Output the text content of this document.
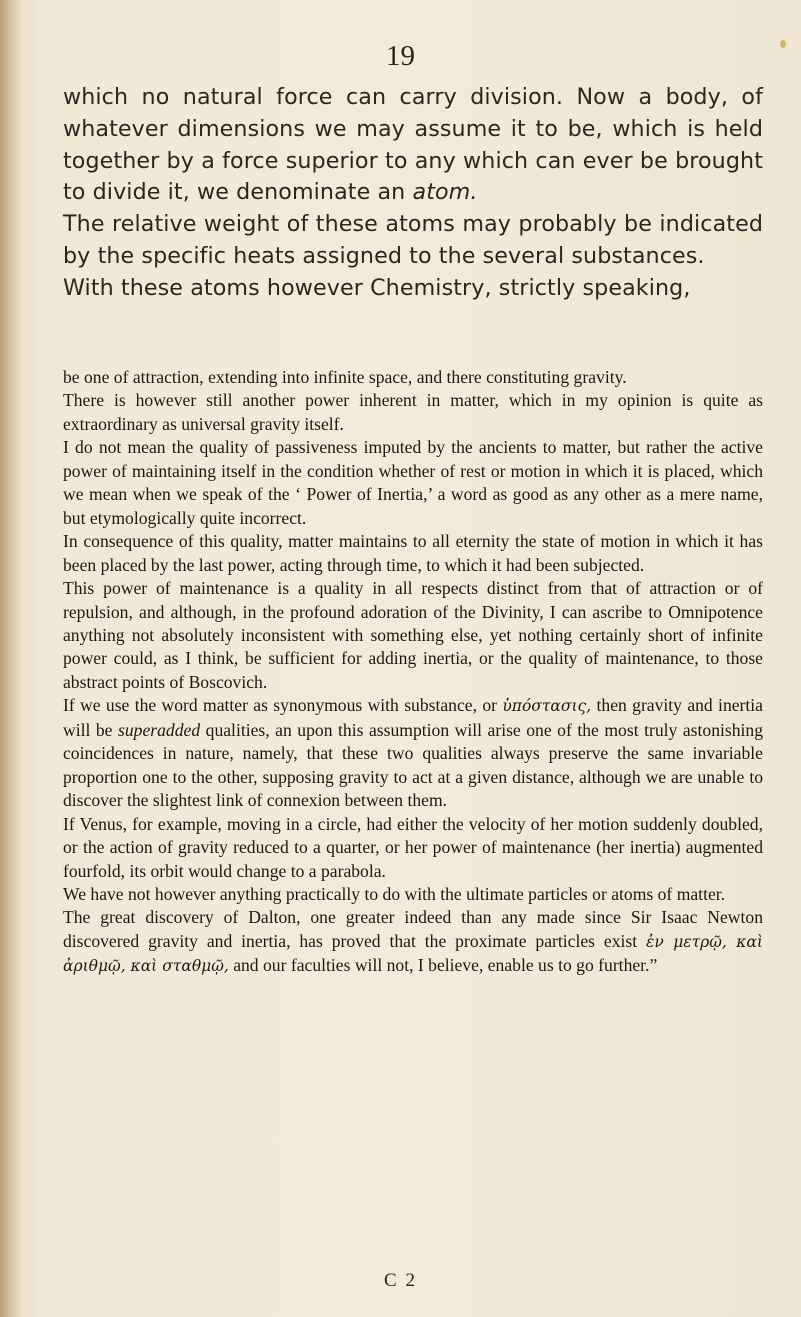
19

which no natural force can carry division. Now a body, of whatever dimensions we may assume it to be, which is held together by a force superior to any which can ever be brought to divide it, we denominate an atom.

The relative weight of these atoms may probably be indicated by the specific heats assigned to the several substances.

With these atoms however Chemistry, strictly speaking,

be one of attraction, extending into infinite space, and there constituting gravity.

There is however still another power inherent in matter, which in my opinion is quite as extraordinary as universal gravity itself.

I do not mean the quality of passiveness imputed by the ancients to matter, but rather the active power of maintaining itself in the condition whether of rest or motion in which it is placed, which we mean when we speak of the ‘ Power of Inertia,’ a word as good as any other as a mere name, but etymologically quite incorrect.

In consequence of this quality, matter maintains to all eternity the state of motion in which it has been placed by the last power, acting through time, to which it had been subjected.

This power of maintenance is a quality in all respects distinct from that of attraction or of repulsion, and although, in the profound adoration of the Divinity, I can ascribe to Omnipotence anything not absolutely inconsistent with something else, yet nothing certainly short of infinite power could, as I think, be sufficient for adding inertia, or the quality of maintenance, to those abstract points of Boscovich.

If we use the word matter as synonymous with substance, or ὑπόστασις, then gravity and inertia will be superadded qualities, an upon this assumption will arise one of the most truly astonishing coincidences in nature, namely, that these two qualities always preserve the same invariable proportion one to the other, supposing gravity to act at a given distance, although we are unable to discover the slightest link of connexion between them.

If Venus, for example, moving in a circle, had either the velocity of her motion suddenly doubled, or the action of gravity reduced to a quarter, or her power of maintenance (her inertia) augmented fourfold, its orbit would change to a parabola.

We have not however anything practically to do with the ultimate particles or atoms of matter.

The great discovery of Dalton, one greater indeed than any made since Sir Isaac Newton discovered gravity and inertia, has proved that the proximate particles exist ἐν μετρῷ, καὶ ἀριθμῷ, καὶ σταθμῷ, and our faculties will not, I believe, enable us to go further.”

C 2
